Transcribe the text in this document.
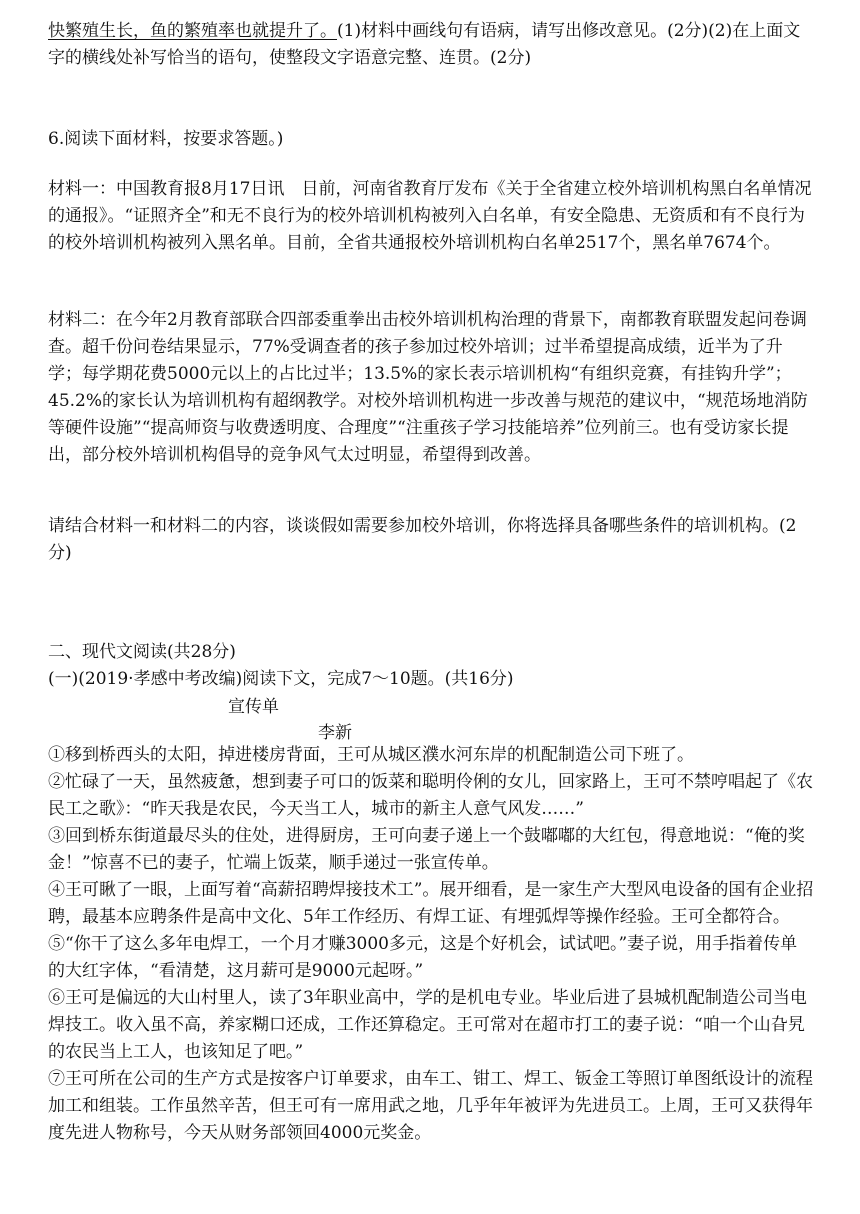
快繁殖生长，鱼的繁殖率也就提升了。(1)材料中画线句有语病，请写出修改意见。(2分)(2)在上面文字的横线处补写恰当的语句，使整段文字语意完整、连贯。(2分)

6.阅读下面材料，按要求答题。)

材料一：中国教育报8月17日讯　日前，河南省教育厅发布《关于全省建立校外培训机构黑白名单情况的通报》。“证照齐全”和无不良行为的校外培训机构被列入白名单，有安全隐患、无资质和有不良行为的校外培训机构被列入黑名单。目前，全省共通报校外培训机构白名单2517个，黑名单7674个。

材料二：在今年2月教育部联合四部委重拳出击校外培训机构治理的背景下，南都教育联盟发起问卷调查。超千份问卷结果显示，77%受调查者的孩子参加过校外培训；过半希望提高成绩，近半为了升学；每学期花费5000元以上的占比过半；13.5%的家长表示培训机构“有组织竞赛，有挂钩升学”；45.2%的家长认为培训机构有超纲教学。对校外培训机构进一步改善与规范的建议中，“规范场地消防等硬件设施”“提高师资与收费透明度、合理度”“注重孩子学习技能培养”位列前三。也有受访家长提出，部分校外培训机构倡导的竞争风气太过明显，希望得到改善。

请结合材料一和材料二的内容，谈谈假如需要参加校外培训，你将选择具备哪些条件的培训机构。(2分)

二、现代文阅读(共28分)

(一)(2019·孝感中考改编)阅读下文，完成7～10题。(共16分)

宣传单
李新

①移到桥西头的太阳，掉进楼房背面，王可从城区濮水河东岸的机配制造公司下班了。

②忙碌了一天，虽然疲惫，想到妻子可口的饭菜和聪明伶俐的女儿，回家路上，王可不禁哼唱起了《农民工之歌》：“昨天我是农民，今天当工人，城市的新主人意气风发……”

③回到桥东街道最尽头的住处，进得厨房，王可向妻子递上一个鼓嘟嘟的大红包，得意地说：“俺的奖金！”惊喜不已的妻子，忙端上饭菜，顺手递过一张宣传单。

④王可瞅了一眼，上面写着“高薪招聘焊接技术工”。展开细看，是一家生产大型风电设备的国有企业招聘，最基本应聘条件是高中文化、5年工作经历、有焊工证、有埋弧焊等操作经验。王可全都符合。

⑤“你干了这么多年电焊工，一个月才赚3000多元，这是个好机会，试试吧。”妻子说，用手指着传单的大红字体，“看清楚，这月薪可是9000元起呀。”

⑥王可是偏远的大山村里人，读了3年职业高中，学的是机电专业。毕业后进了县城机配制造公司当电焊技工。收入虽不高，养家糊口还成，工作还算稳定。王可常对在超市打工的妻子说：“咱一个山旮旯的农民当上工人，也该知足了吧。”

⑦王可所在公司的生产方式是按客户订单要求，由车工、钳工、焊工、钣金工等照订单图纸设计的流程加工和组装。工作虽然辛苦，但王可有一席用武之地，几乎年年被评为先进员工。上周，王可又获得年度先进人物称号，今天从财务部领回4000元奖金。
